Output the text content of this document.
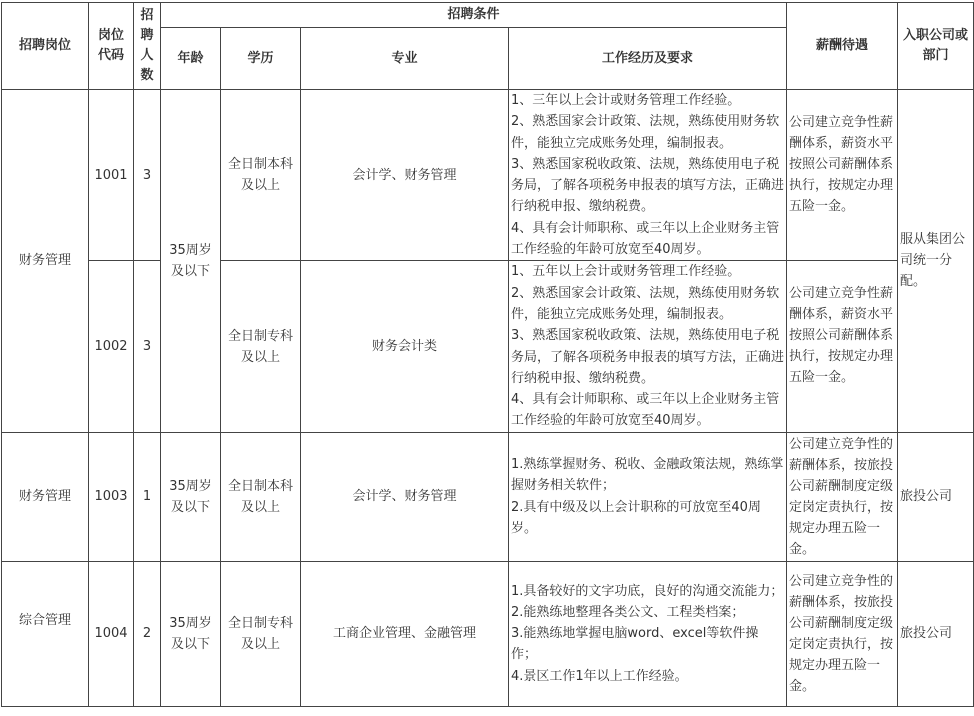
招聘岗位	岗位代码	招聘人数	招聘条件				薪酬待遇	入职公司或部门
			年龄	学历	专业	工作经历及要求		
财务管理	1001	3	35周岁及以下	全日制本科及以上	会计学、财务管理	1、三年以上会计或财务管理工作经验。
2、熟悉国家会计政策、法规，熟练使用财务软件，能独立完成账务处理，编制报表。
3、熟悉国家税收政策、法规，熟练使用电子税务局，了解各项税务申报表的填写方法，正确进行纳税申报、缴纳税费。
4、具有会计师职称、或三年以上企业财务主管工作经验的年龄可放宽至40周岁。	公司建立竞争性薪酬体系，薪资水平按照公司薪酬体系执行，按规定办理五险一金。	服从集团公司统一分配。
	1002	3		全日制专科及以上	财务会计类	1、五年以上会计或财务管理工作经验。
2、熟悉国家会计政策、法规，熟练使用财务软件，能独立完成账务处理，编制报表。
3、熟悉国家税收政策、法规，熟练使用电子税务局，了解各项税务申报表的填写方法，正确进行纳税申报、缴纳税费。
4、具有会计师职称、或三年以上企业财务主管工作经验的年龄可放宽至40周岁。	公司建立竞争性薪酬体系，薪资水平按照公司薪酬体系执行，按规定办理五险一金。	
财务管理	1003	1	35周岁及以下	全日制本科及以上	会计学、财务管理	1.熟练掌握财务、税收、金融政策法规，熟练掌握财务相关软件；
2.具有中级及以上会计职称的可放宽至40周岁。	公司建立竞争性的薪酬体系，按旅投公司薪酬制度定级定岗定责执行，按规定办理五险一金。	旅投公司
综合管理	1004	2	35周岁及以下	全日制专科及以上	工商企业管理、金融管理	1.具备较好的文字功底，良好的沟通交流能力；
2.能熟练地整理各类公文、工程类档案；
3.能熟练地掌握电脑word、excel等软件操作；
4.景区工作1年以上工作经验。	公司建立竞争性的薪酬体系，按旅投公司薪酬制度定级定岗定责执行，按规定办理五险一金。	旅投公司
